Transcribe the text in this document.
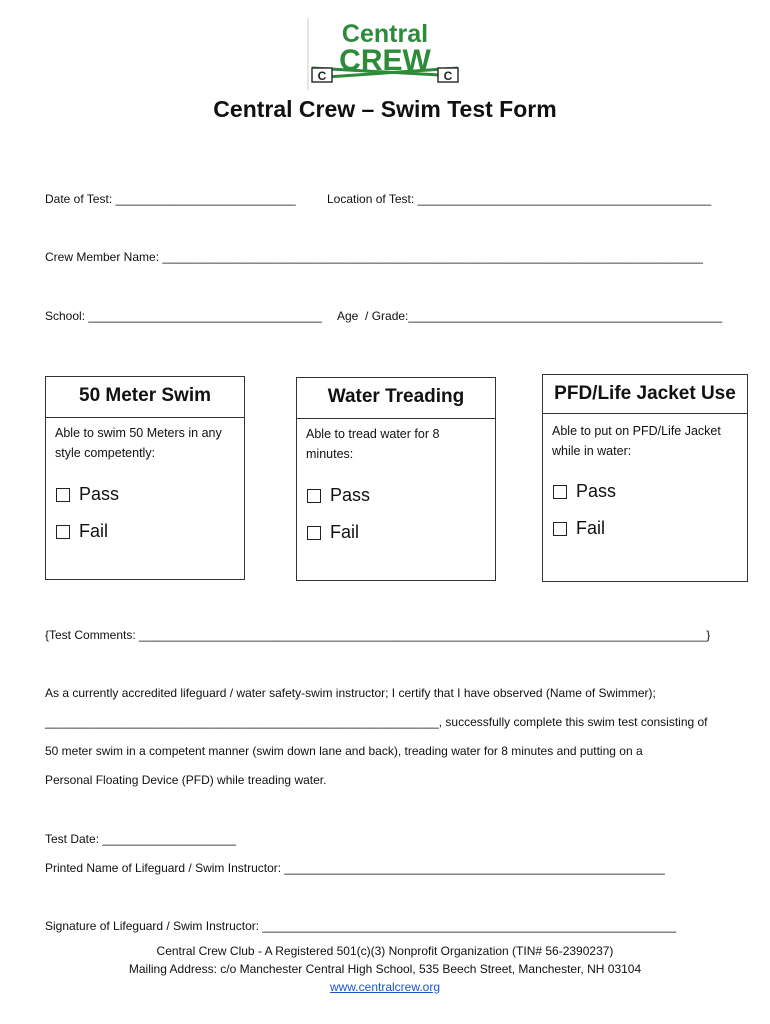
C	C
Central
CREW
Central Crew – Swim Test Form
Date of Test: ___________________________	Location of Test: ____________________________________________
Crew Member Name: _________________________________________________________________________________
School: ___________________________________ Age  / Grade:_______________________________________________
50 Meter Swim
Able to swim 50 Meters in any style competently:
Pass
Fail
Water Treading
Able to tread water for 8 minutes:
Pass
Fail
PFD/Life Jacket Use
Able to put on PFD/Life Jacket while in water:
Pass
Fail
{Test Comments: _____________________________________________________________________________________}
As a currently accredited lifeguard / water safety-swim instructor; I certify that I have observed (Name of Swimmer);
___________________________________________________________, successfully complete this swim test consisting of
50 meter swim in a competent manner (swim down lane and back), treading water for 8 minutes and putting on a
Personal Floating Device (PFD) while treading water.
Test Date: ____________________
Printed Name of Lifeguard / Swim Instructor: _________________________________________________________
Signature of Lifeguard / Swim Instructor: ______________________________________________________________
Central Crew Club - A Registered 501(c)(3) Nonprofit Organization (TIN# 56-2390237)
Mailing Address: c/o Manchester Central High School, 535 Beech Street, Manchester, NH 03104
www.centralcrew.org
